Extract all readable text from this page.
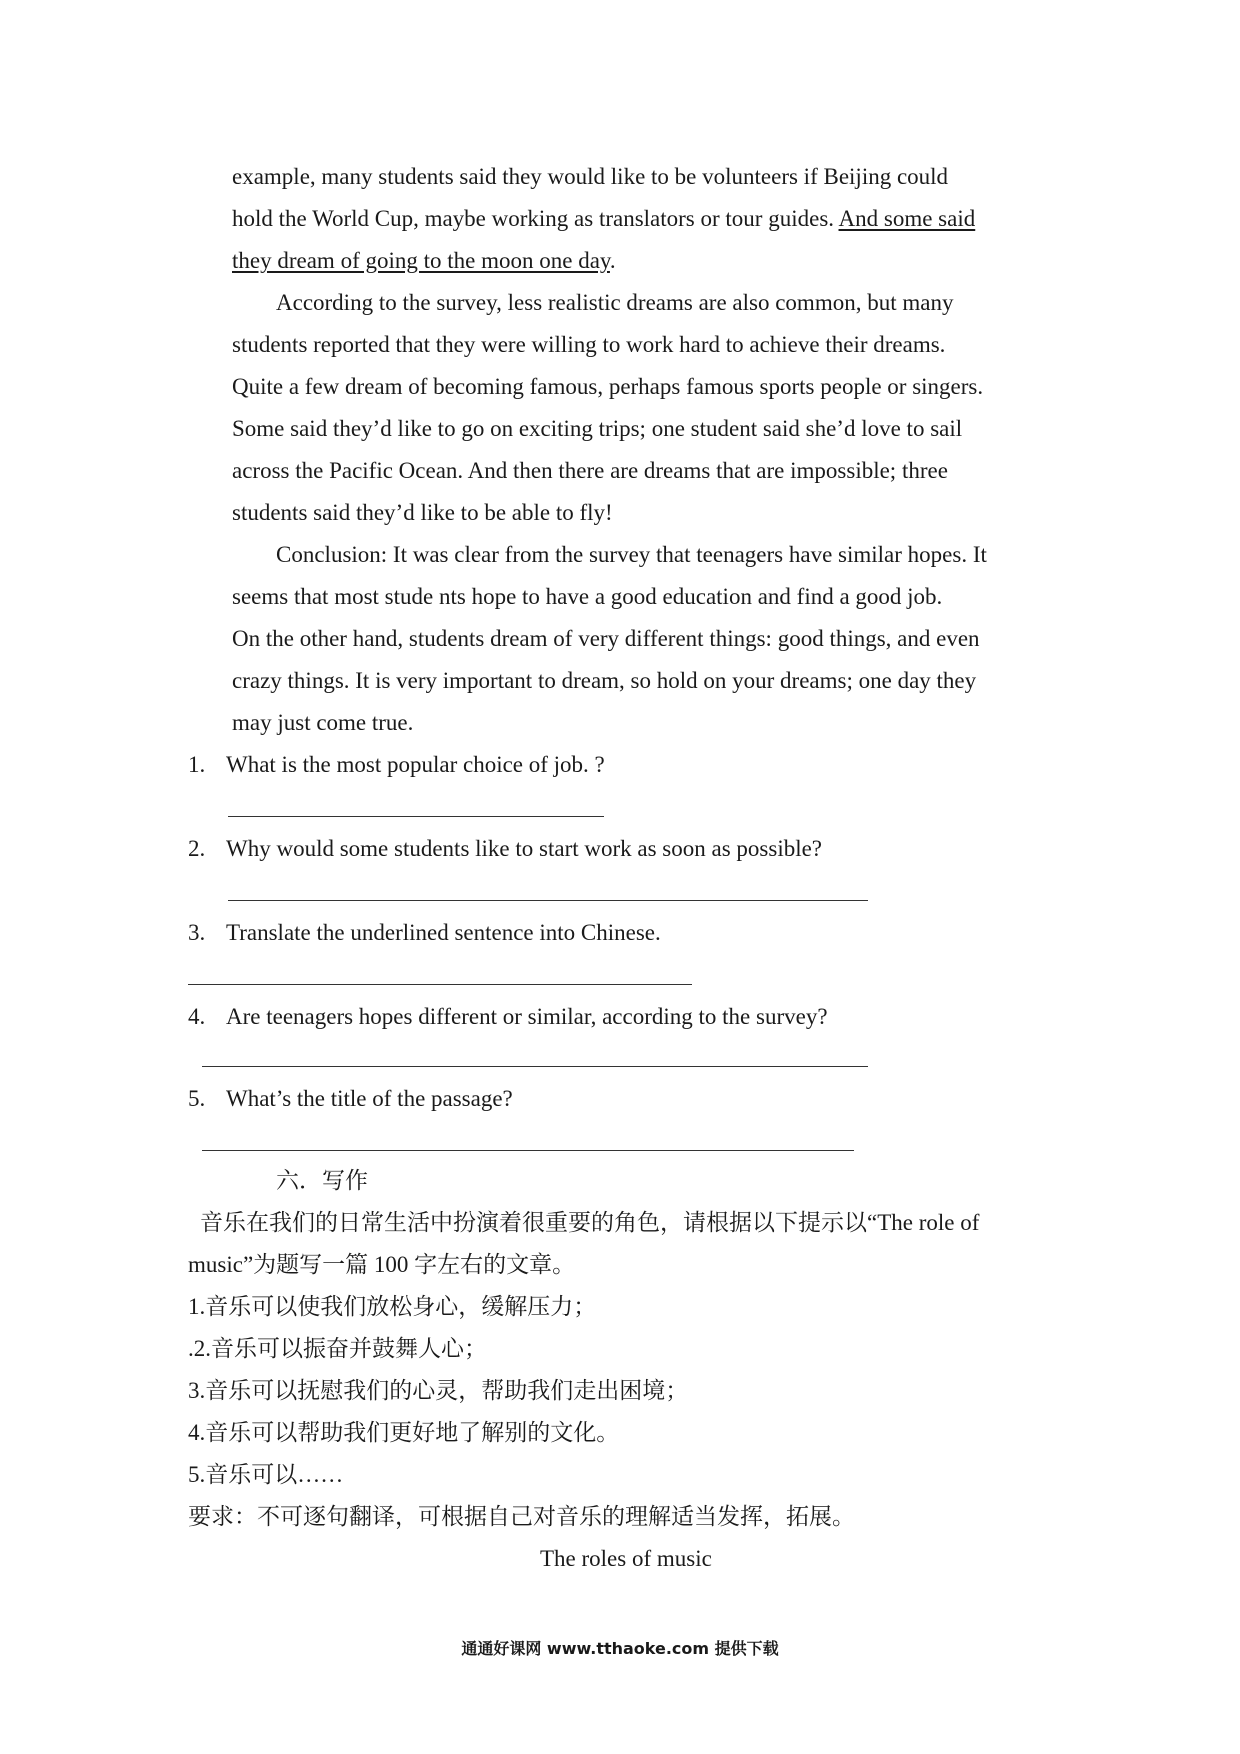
example, many students said they would like to be volunteers if Beijing could
hold the World Cup, maybe working as translators or tour guides. And some said
they dream of going to the moon one day.
According to the survey, less realistic dreams are also common, but many
students reported that they were willing to work hard to achieve their dreams.
Quite a few dream of becoming famous, perhaps famous sports people or singers.
Some said they’d like to go on exciting trips; one student said she’d love to sail
across the Pacific Ocean. And then there are dreams that are impossible; three
students said they’d like to be able to fly!
Conclusion: It was clear from the survey that teenagers have similar hopes. It
seems that most stude nts hope to have a good education and find a good job.
On the other hand, students dream of very different things: good things, and even
crazy things. It is very important to dream, so hold on your dreams; one day they
may just come true.
1. What is the most popular choice of job. ?
2. Why would some students like to start work as soon as possible?
3. Translate the underlined sentence into Chinese.
4. Are teenagers hopes different or similar, according to the survey?
5. What’s the title of the passage?
六．写作
音乐在我们的日常生活中扮演着很重要的角色，请根据以下提示以“The role of
music”为题写一篇 100 字左右的文章。
1.音乐可以使我们放松身心，缓解压力；
.2.音乐可以振奋并鼓舞人心；
3.音乐可以抚慰我们的心灵，帮助我们走出困境；
4.音乐可以帮助我们更好地了解别的文化。
5.音乐可以……
要求：不可逐句翻译，可根据自己对音乐的理解适当发挥，拓展。
The roles of music
通通好课网 www.tthaoke.com 提供下载
